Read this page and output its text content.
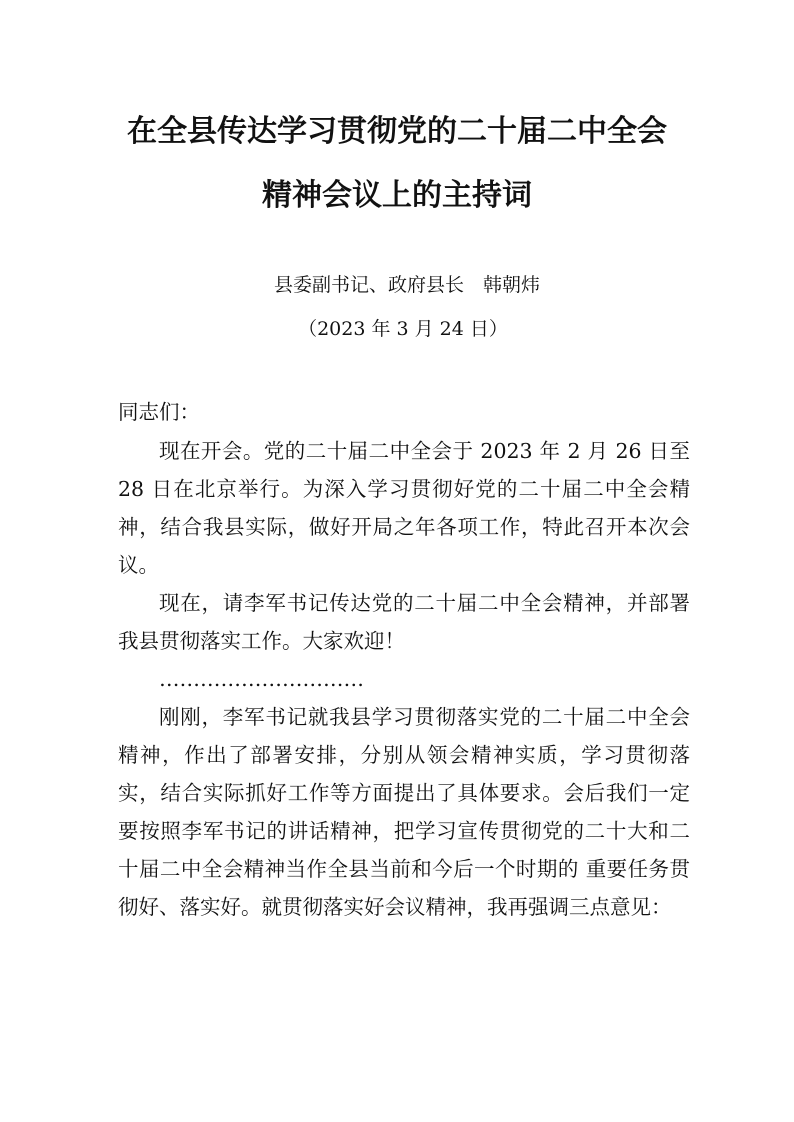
在全县传达学习贯彻党的二十届二中全会
精神会议上的主持词
县委副书记、政府县长　韩朝炜
（2023 年 3 月 24 日）
同志们：

现在开会。党的二十届二中全会于 2023 年 2 月 26 日至 28 日在北京举行。为深入学习贯彻好党的二十届二中全会精神，结合我县实际，做好开局之年各项工作，特此召开本次会议。

现在，请李军书记传达党的二十届二中全会精神，并部署我县贯彻落实工作。大家欢迎！

…………………………

刚刚，李军书记就我县学习贯彻落实党的二十届二中全会精神，作出了部署安排，分别从领会精神实质，学习贯彻落实，结合实际抓好工作等方面提出了具体要求。会后我们一定要按照李军书记的讲话精神，把学习宣传贯彻党的二十大和二十届二中全会精神当作全县当前和今后一个时期的 重要任务贯彻好、落实好。就贯彻落实好会议精神，我再强调三点意见：
